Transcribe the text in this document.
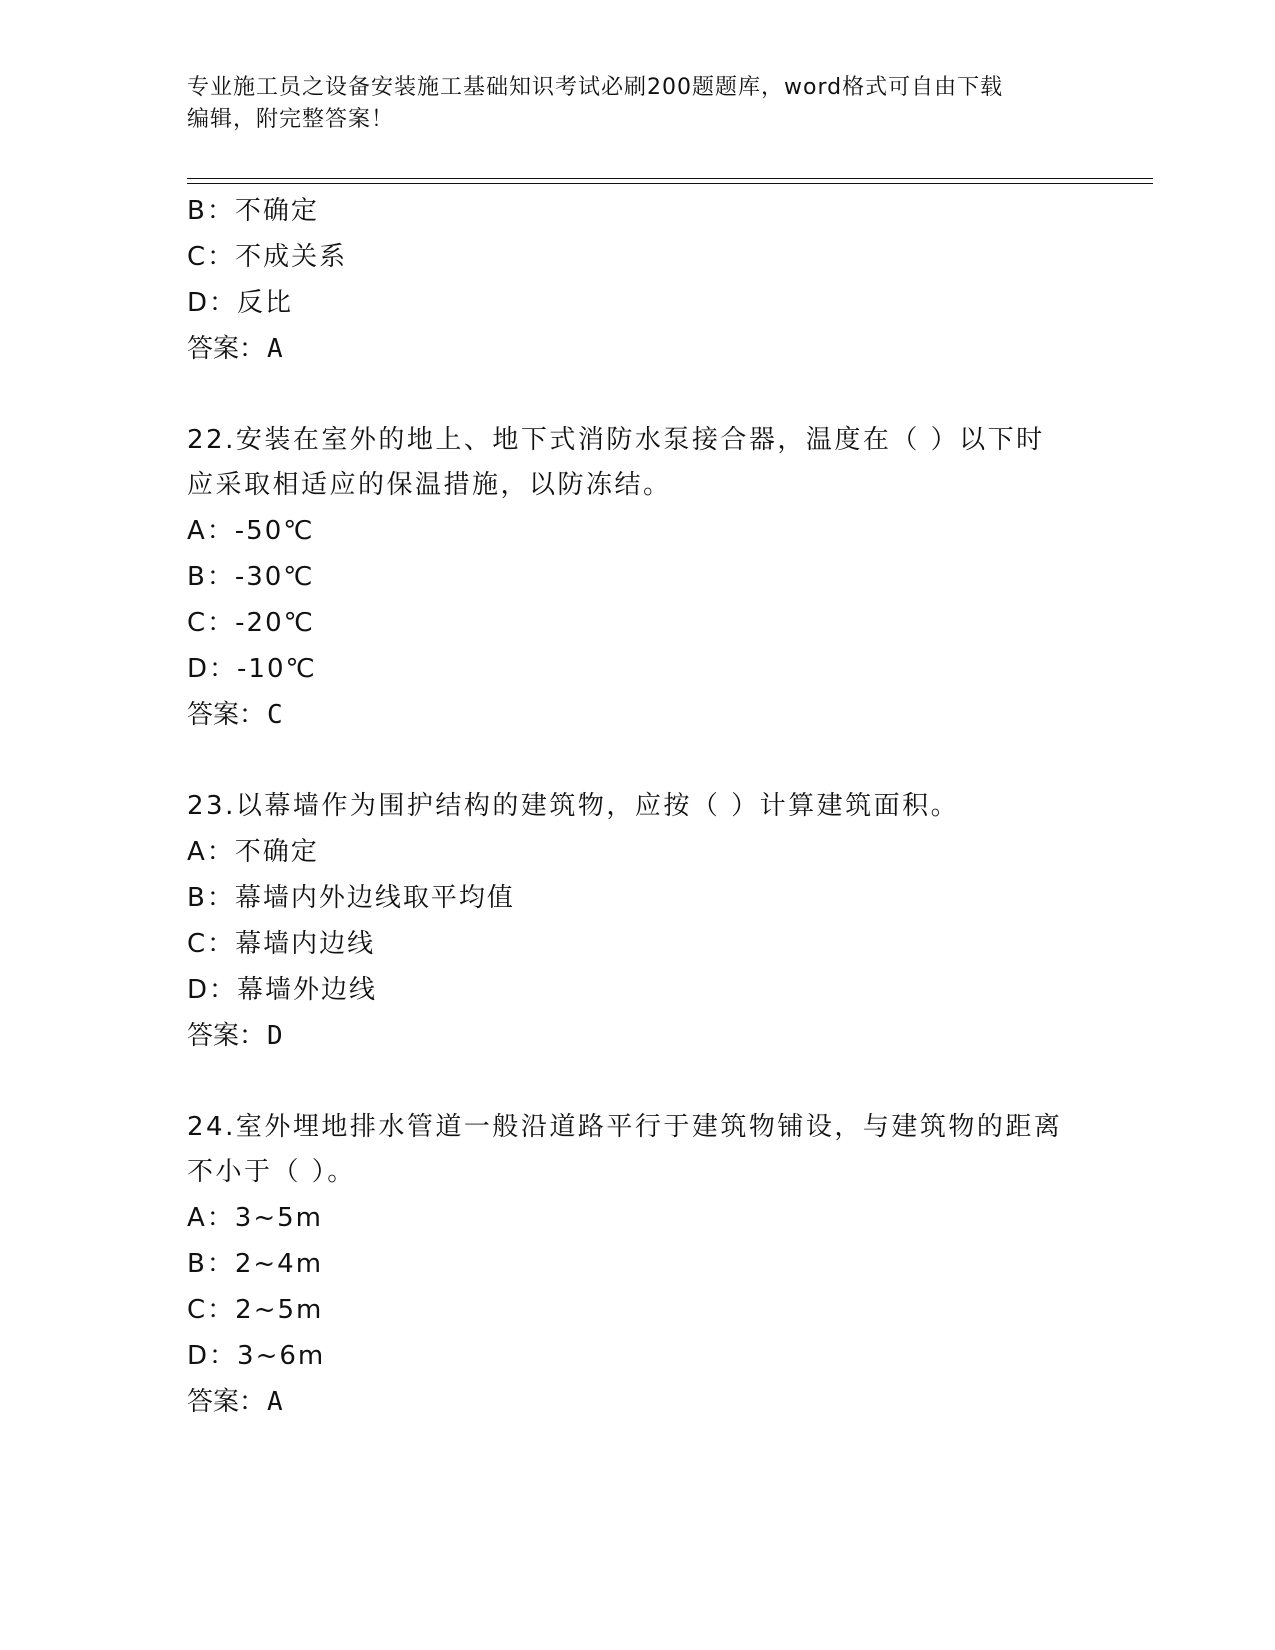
专业施工员之设备安装施工基础知识考试必刷200题题库，word格式可自由下载
编辑，附完整答案！
B：不确定
C：不成关系
D：反比
答案：A
22.安装在室外的地上、地下式消防水泵接合器，温度在（ ）以下时
应采取相适应的保温措施，以防冻结。
A：-50℃
B：-30℃
C：-20℃
D：-10℃
答案：C
23.以幕墙作为围护结构的建筑物，应按（ ）计算建筑面积。
A：不确定
B：幕墙内外边线取平均值
C：幕墙内边线
D：幕墙外边线
答案：D
24.室外埋地排水管道一般沿道路平行于建筑物铺设，与建筑物的距离
不小于（ ）。
A：3~5m
B：2~4m
C：2~5m
D：3~6m
答案：A
